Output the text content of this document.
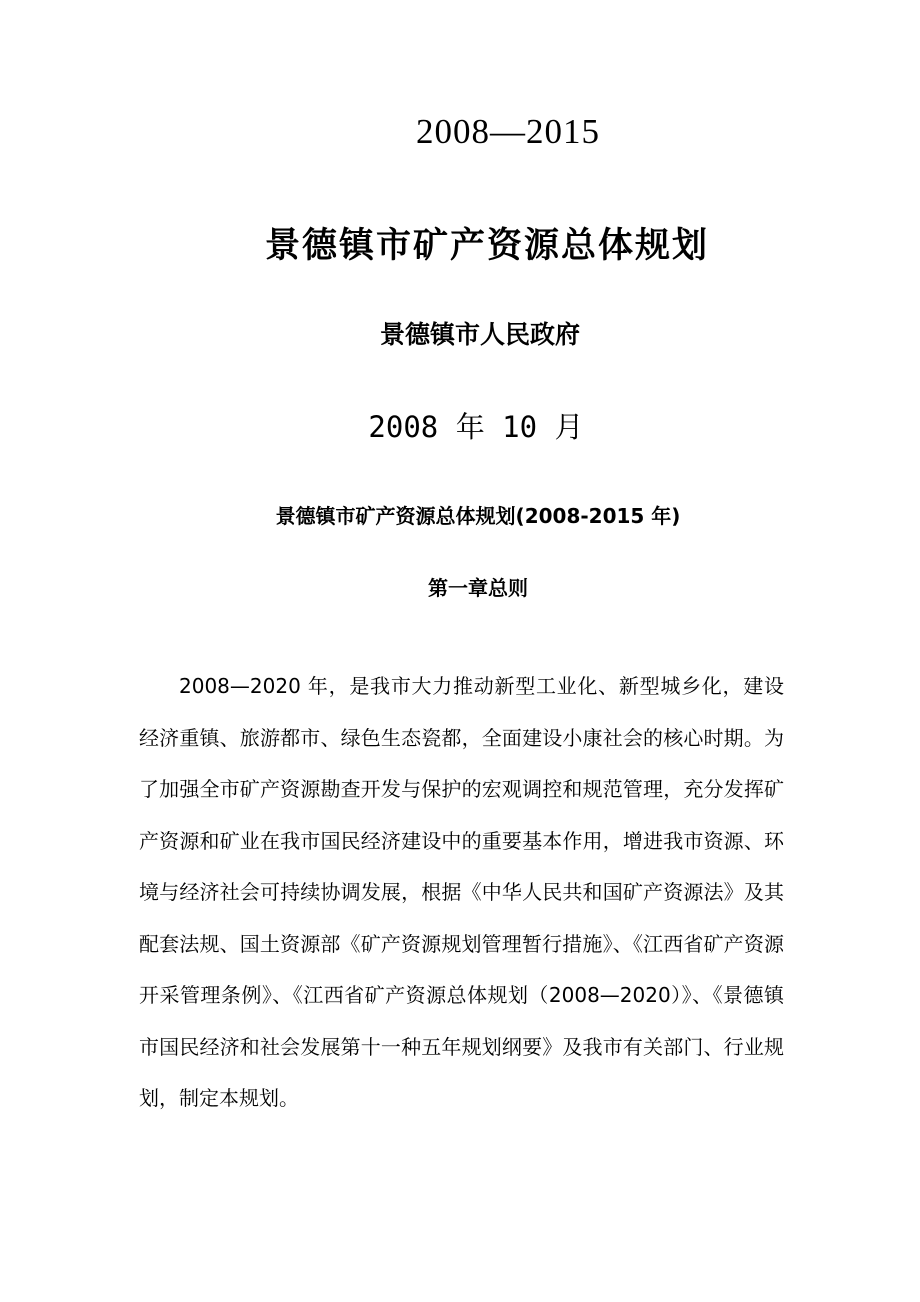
2008—2015
景德镇市矿产资源总体规划
景德镇市人民政府
2008 年 10 月
景德镇市矿产资源总体规划(2008-2015 年)
第一章总则

2008—2020 年，是我市大力推动新型工业化、新型城乡化，建设经济重镇、旅游都市、绿色生态瓷都，全面建设小康社会的核心时期。为了加强全市矿产资源勘查开发与保护的宏观调控和规范管理，充分发挥矿产资源和矿业在我市国民经济建设中的重要基本作用，增进我市资源、环境与经济社会可持续协调发展，根据《中华人民共和国矿产资源法》及其配套法规、国土资源部《矿产资源规划管理暂行措施》、《江西省矿产资源开采管理条例》、《江西省矿产资源总体规划（2008—2020）》、《景德镇市国民经济和社会发展第十一种五年规划纲要》及我市有关部门、行业规划，制定本规划。
